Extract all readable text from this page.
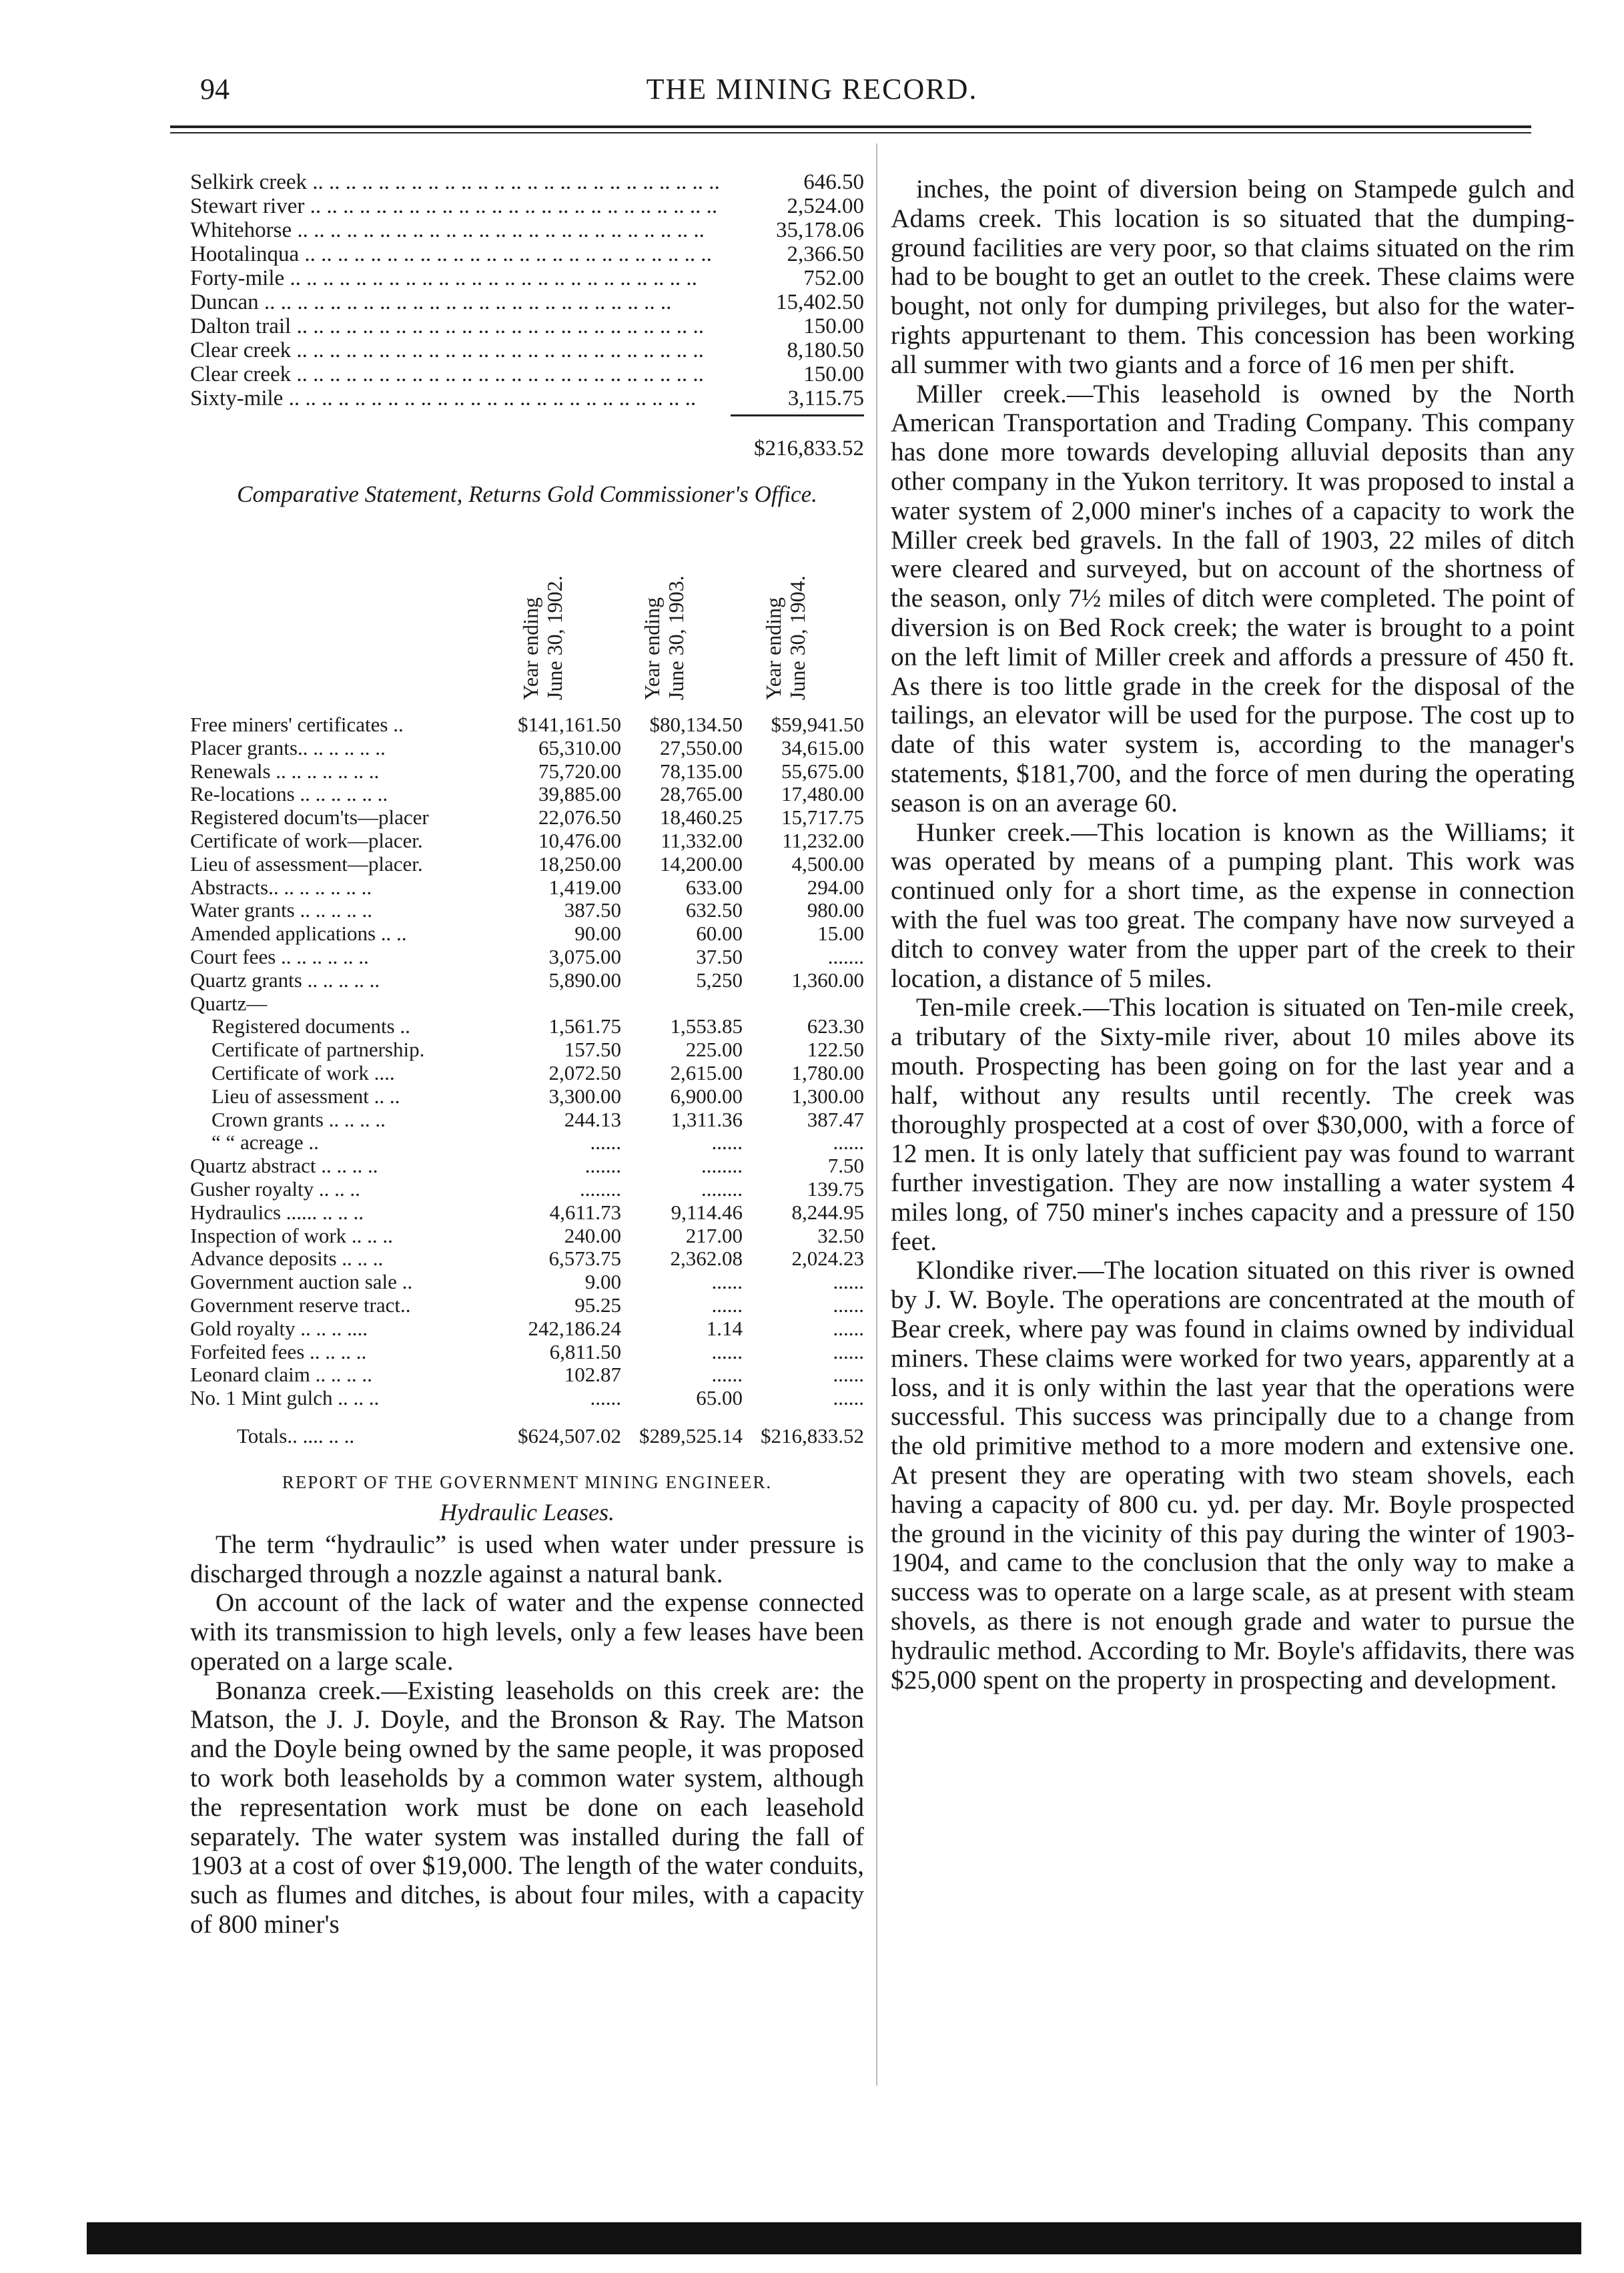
94	THE MINING RECORD.
Selkirk creek .. ..	646.50
Stewart river .. ..	2,524.00
Whitehorse .. ..	35,178.06
Hootalinqua .. ..	2,366.50
Forty-mile .. ..	752.00
Duncan .. ..	15,402.50
Dalton trail .. ..	150.00
Clear creek .. ..	8,180.50
Clear creek .. ..	150.00
Sixty-mile .. ..	3,115.75
$216,833.52
Comparative Statement, Returns Gold Commissioner's Office.
Year ending
June 30, 1902.
Year ending
June 30, 1903.
Year ending
June 30, 1904.
Free miners' certificates ..	$141,161.50	$80,134.50	$59,941.50
Placer grants.. .. .. .. .. ..	65,310.00	27,550.00	34,615.00
Renewals .. .. .. .. .. .. ..	75,720.00	78,135.00	55,675.00
Re-locations .. .. .. .. .. ..	39,885.00	28,765.00	17,480.00
Registered docum'ts—placer	22,076.50	18,460.25	15,717.75
Certificate of work—placer.	10,476.00	11,332.00	11,232.00
Lieu of assessment—placer.	18,250.00	14,200.00	4,500.00
Abstracts.. .. .. .. .. .. ..	1,419.00	633.00	294.00
Water grants .. .. .. .. ..	387.50	632.50	980.00
Amended applications .. ..	90.00	60.00	15.00
Court fees .. .. .. .. .. ..	3,075.00	37.50	.......
Quartz grants .. .. .. .. ..	5,890.00	5,250	1,360.00
Quartz—
Registered documents ..	1,561.75	1,553.85	623.30
Certificate of partnership.	157.50	225.00	122.50
Certificate of work ....	2,072.50	2,615.00	1,780.00
Lieu of assessment .. ..	3,300.00	6,900.00	1,300.00
Crown grants .. .. .. ..	244.13	1,311.36	387.47
“ “ acreage ..	......	......	......
Quartz abstract .. .. .. ..	.......	........	7.50
Gusher royalty .. .. ..	........	........	139.75
Hydraulics ...... .. .. ..	4,611.73	9,114.46	8,244.95
Inspection of work .. .. ..	240.00	217.00	32.50
Advance deposits .. .. ..	6,573.75	2,362.08	2,024.23
Government auction sale ..	9.00	......	......
Government reserve tract..	95.25	......	......
Gold royalty .. .. .. ....	242,186.24	1.14	......
Forfeited fees .. .. .. ..	6,811.50	......	......
Leonard claim .. .. .. ..	102.87	......	......
No. 1 Mint gulch .. .. ..	......	65.00	......
Totals.. .... .. ..	$624,507.02 $289,525.14 $216,833.52
REPORT OF THE GOVERNMENT MINING ENGINEER.
Hydraulic Leases.

The term “hydraulic” is used when water under pressure is discharged through a nozzle against a natural bank.

On account of the lack of water and the expense connected with its transmission to high levels, only a few leases have been operated on a large scale.

Bonanza creek.—Existing leaseholds on this creek are: the Matson, the J. J. Doyle, and the Bronson & Ray. The Matson and the Doyle being owned by the same people, it was proposed to work both leaseholds by a common water system, although the representation work must be done on each leasehold separately. The water system was installed during the fall of 1903 at a cost of over $19,000. The length of the water conduits, such as flumes and ditches, is about four miles, with a capacity of 800 miner's

inches, the point of diversion being on Stampede gulch and Adams creek. This location is so situated that the dumping-ground facilities are very poor, so that claims situated on the rim had to be bought to get an outlet to the creek. These claims were bought, not only for dumping privileges, but also for the water-rights appurtenant to them. This concession has been working all summer with two giants and a force of 16 men per shift.

Miller creek.—This leasehold is owned by the North American Transportation and Trading Company. This company has done more towards developing alluvial deposits than any other company in the Yukon territory. It was proposed to instal a water system of 2,000 miner's inches of a capacity to work the Miller creek bed gravels. In the fall of 1903, 22 miles of ditch were cleared and surveyed, but on account of the shortness of the season, only 7½ miles of ditch were completed. The point of diversion is on Bed Rock creek; the water is brought to a point on the left limit of Miller creek and affords a pressure of 450 ft. As there is too little grade in the creek for the disposal of the tailings, an elevator will be used for the purpose. The cost up to date of this water system is, according to the manager's statements, $181,700, and the force of men during the operating season is on an average 60.

Hunker creek.—This location is known as the Williams; it was operated by means of a pumping plant. This work was continued only for a short time, as the expense in connection with the fuel was too great. The company have now surveyed a ditch to convey water from the upper part of the creek to their location, a distance of 5 miles.

Ten-mile creek.—This location is situated on Ten-mile creek, a tributary of the Sixty-mile river, about 10 miles above its mouth. Prospecting has been going on for the last year and a half, without any results until recently. The creek was thoroughly prospected at a cost of over $30,000, with a force of 12 men. It is only lately that sufficient pay was found to warrant further investigation. They are now installing a water system 4 miles long, of 750 miner's inches capacity and a pressure of 150 feet.

Klondike river.—The location situated on this river is owned by J. W. Boyle. The operations are concentrated at the mouth of Bear creek, where pay was found in claims owned by individual miners. These claims were worked for two years, apparently at a loss, and it is only within the last year that the operations were successful. This success was principally due to a change from the old primitive method to a more modern and extensive one. At present they are operating with two steam shovels, each having a capacity of 800 cu. yd. per day. Mr. Boyle prospected the ground in the vicinity of this pay during the winter of 1903-1904, and came to the conclusion that the only way to make a success was to operate on a large scale, as at present with steam shovels, as there is not enough grade and water to pursue the hydraulic method. According to Mr. Boyle's affidavits, there was $25,000 spent on the property in prospecting and development.
